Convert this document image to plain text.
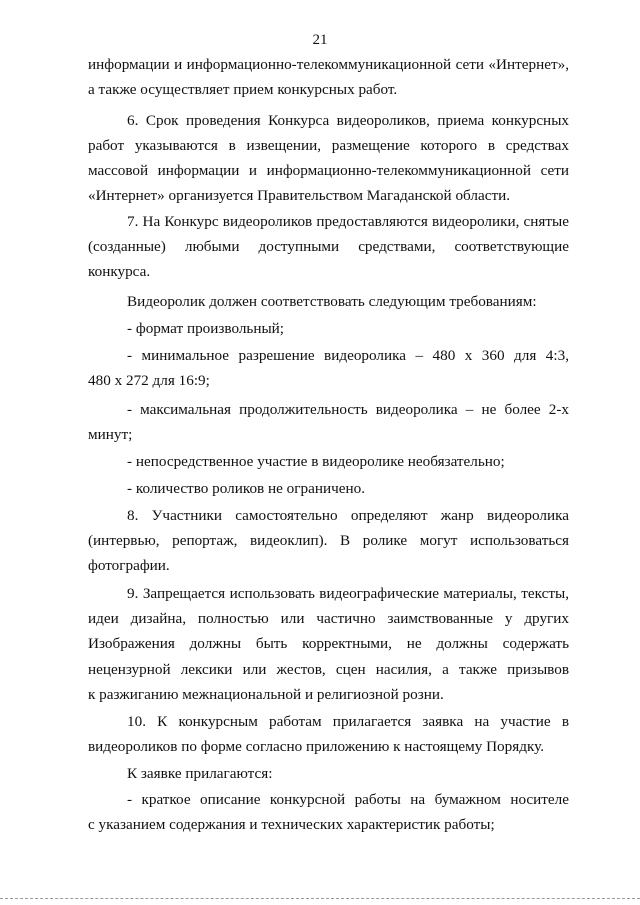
21

информации и информационно-телекоммуникационной сети «Интернет»,

а также осуществляет прием конкурсных работ.

6. Срок проведения Конкурса видеороликов, приема конкурсных

работ указываются в извещении, размещение которого в средствах

массовой информации и информационно-телекоммуникационной сети

«Интернет» организуется Правительством Магаданской области.

7. На Конкурс видеороликов предоставляются видеоролики, снятые

(созданные) любыми доступными средствами, соответствующие

конкурса.

Видеоролик должен соответствовать следующим требованиям:

- формат произвольный;

- минимальное разрешение видеоролика – 480 x 360 для 4:3,

480 x 272 для 16:9;

- максимальная продолжительность видеоролика – не более 2-х

минут;

- непосредственное участие в видеоролике необязательно;

- количество роликов не ограничено.

8. Участники самостоятельно определяют жанр видеоролика

(интервью, репортаж, видеоклип). В ролике могут использоваться

фотографии.

9. Запрещается использовать видеографические материалы, тексты,

идеи дизайна, полностью или частично заимствованные у других

Изображения должны быть корректными, не должны содержать

нецензурной лексики или жестов, сцен насилия, а также призывов

к разжиганию межнациональной и религиозной розни.

10. К конкурсным работам прилагается заявка на участие в

видеороликов по форме согласно приложению к настоящему Порядку.

К заявке прилагаются:

- краткое описание конкурсной работы на бумажном носителе

с указанием содержания и технических характеристик работы;
